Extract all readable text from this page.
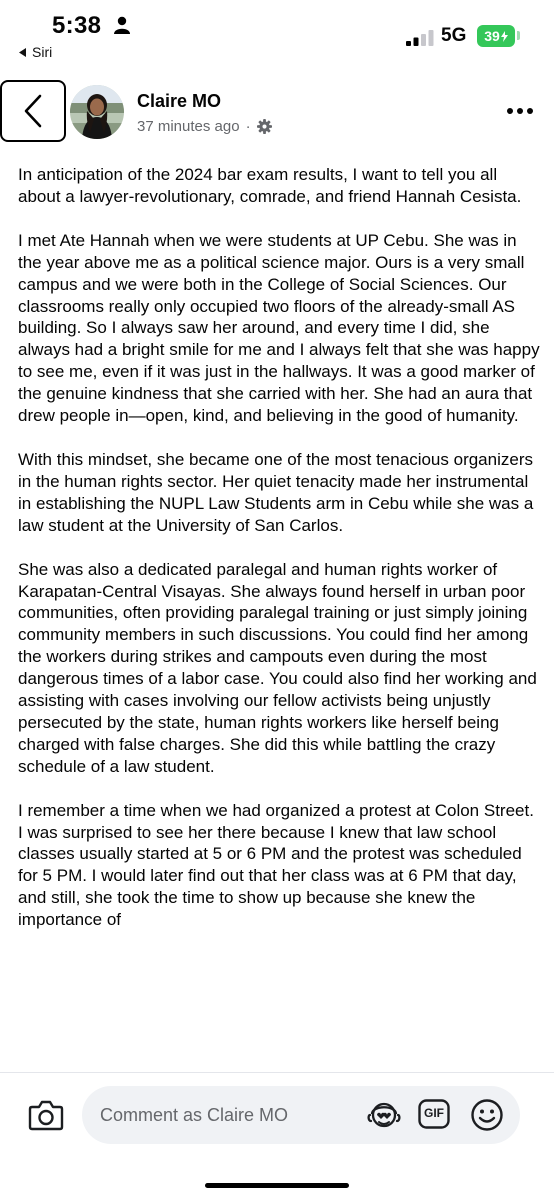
5:38
Siri
5G 39
Claire MO
37 minutes ago ·

In anticipation of the 2024 bar exam results, I want to tell you all about a lawyer-revolutionary, comrade, and friend Hannah Cesista.

I met Ate Hannah when we were students at UP Cebu. She was in the year above me as a political science major. Ours is a very small campus and we were both in the College of Social Sciences. Our classrooms really only occupied two floors of the already-small AS building. So I always saw her around, and every time I did, she always had a bright smile for me and I always felt that she was happy to see me, even if it was just in the hallways. It was a good marker of the genuine kindness that she carried with her. She had an aura that drew people in—open, kind, and believing in the good of humanity.

With this mindset, she became one of the most tenacious organizers in the human rights sector. Her quiet tenacity made her instrumental in establishing the NUPL Law Students arm in Cebu while she was a law student at the University of San Carlos.

She was also a dedicated paralegal and human rights worker of Karapatan-Central Visayas. She always found herself in urban poor communities, often providing paralegal training or just simply joining community members in such discussions. You could find her among the workers during strikes and campouts even during the most dangerous times of a labor case. You could also find her working and assisting with cases involving our fellow activists being unjustly persecuted by the state, human rights workers like herself being charged with false charges. She did this while battling the crazy schedule of a law student.

I remember a time when we had organized a protest at Colon Street. I was surprised to see her there because I knew that law school classes usually started at 5 or 6 PM and the protest was scheduled for 5 PM. I would later find out that her class was at 6 PM that day, and still, she took the time to show up because she knew the importance of

Comment as Claire MO
GIF
